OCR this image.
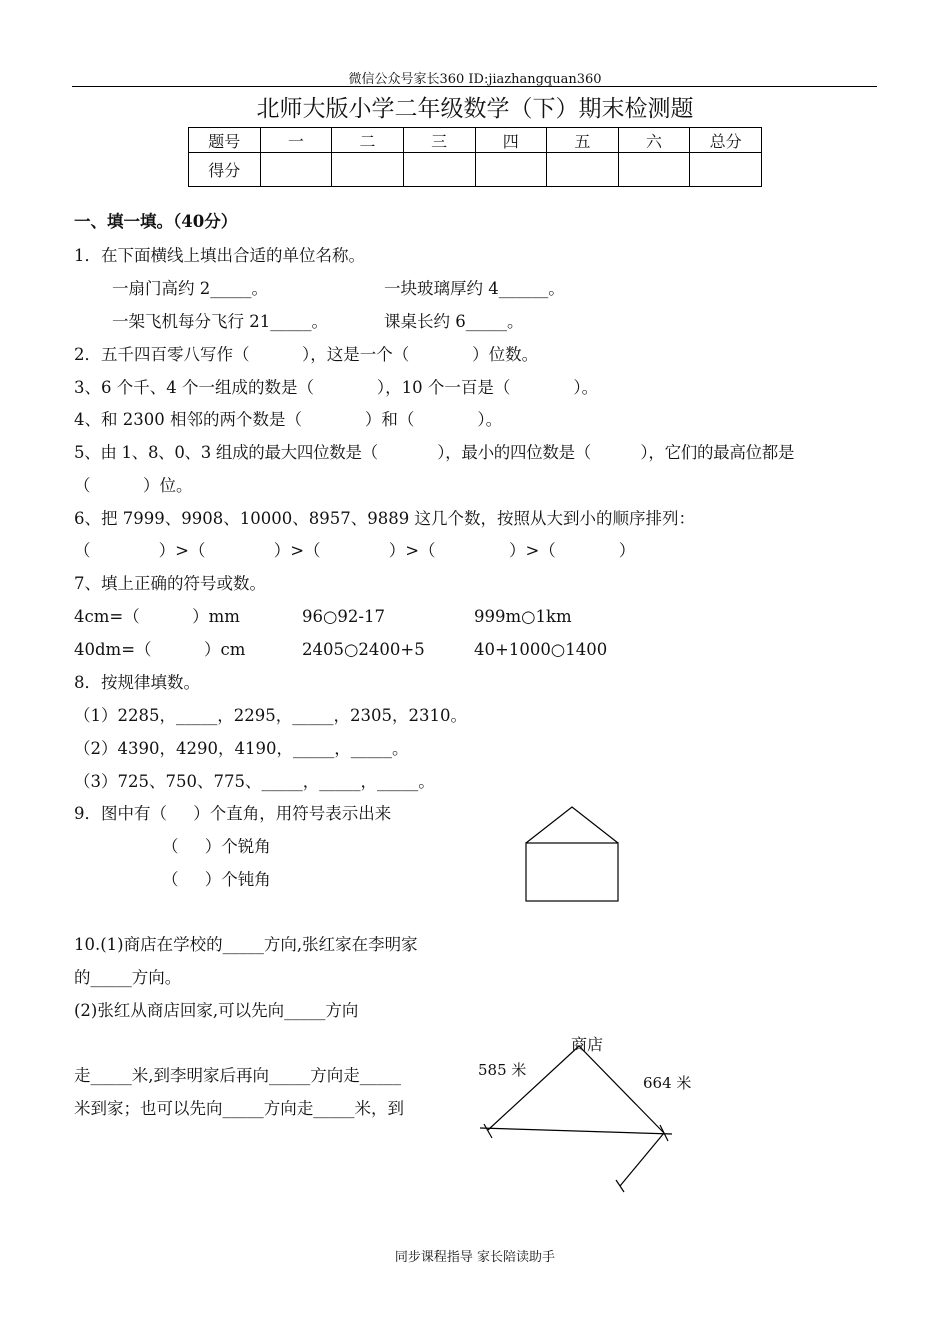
微信公众号家长360 ID:jiazhangquan360
北师大版小学二年级数学（下）期末检测题
题号	一	二	三	四	五	六	总分
得分							
一、填一填。（40分）
1．在下面横线上填出合适的单位名称。
一扇门高约 2_____。	一块玻璃厚约 4______。
一架飞机每分飞行 21_____。	课桌长约 6_____。
2．五千四百零八写作（          ），这是一个（            ）位数。
3、6 个千、4 个一组成的数是（            ），10 个一百是（            ）。
4、和 2300 相邻的两个数是（            ）和（            ）。
5、由 1、8、0、3 组成的最大四位数是（            ），最小的四位数是（          ），它们的最高位都是
（          ）位。
6、把 7999、9908、10000、8957、9889 这几个数，按照从大到小的顺序排列：
（             ）>（             ）>（             ）>（              ）>（            ）
7、填上正确的符号或数。
4cm=（          ）mm	96○92-17	999m○1km
40dm=（          ）cm	2405○2400+5	40+1000○1400
8．按规律填数。
（1）2285，_____，2295，_____，2305，2310。
（2）4390，4290，4190，_____，_____。
（3）725、750、775、_____，_____，_____。
9．图中有（     ）个直角，用符号表示出来
（     ）个锐角
（     ）个钝角
10.(1)商店在学校的_____方向,张红家在李明家
的_____方向。
(2)张红从商店回家,可以先向_____方向
走_____米,到李明家后再向_____方向走_____
米到家；也可以先向_____方向走_____米，到
商店
585 米
664 米
同步课程指导 家长陪读助手
